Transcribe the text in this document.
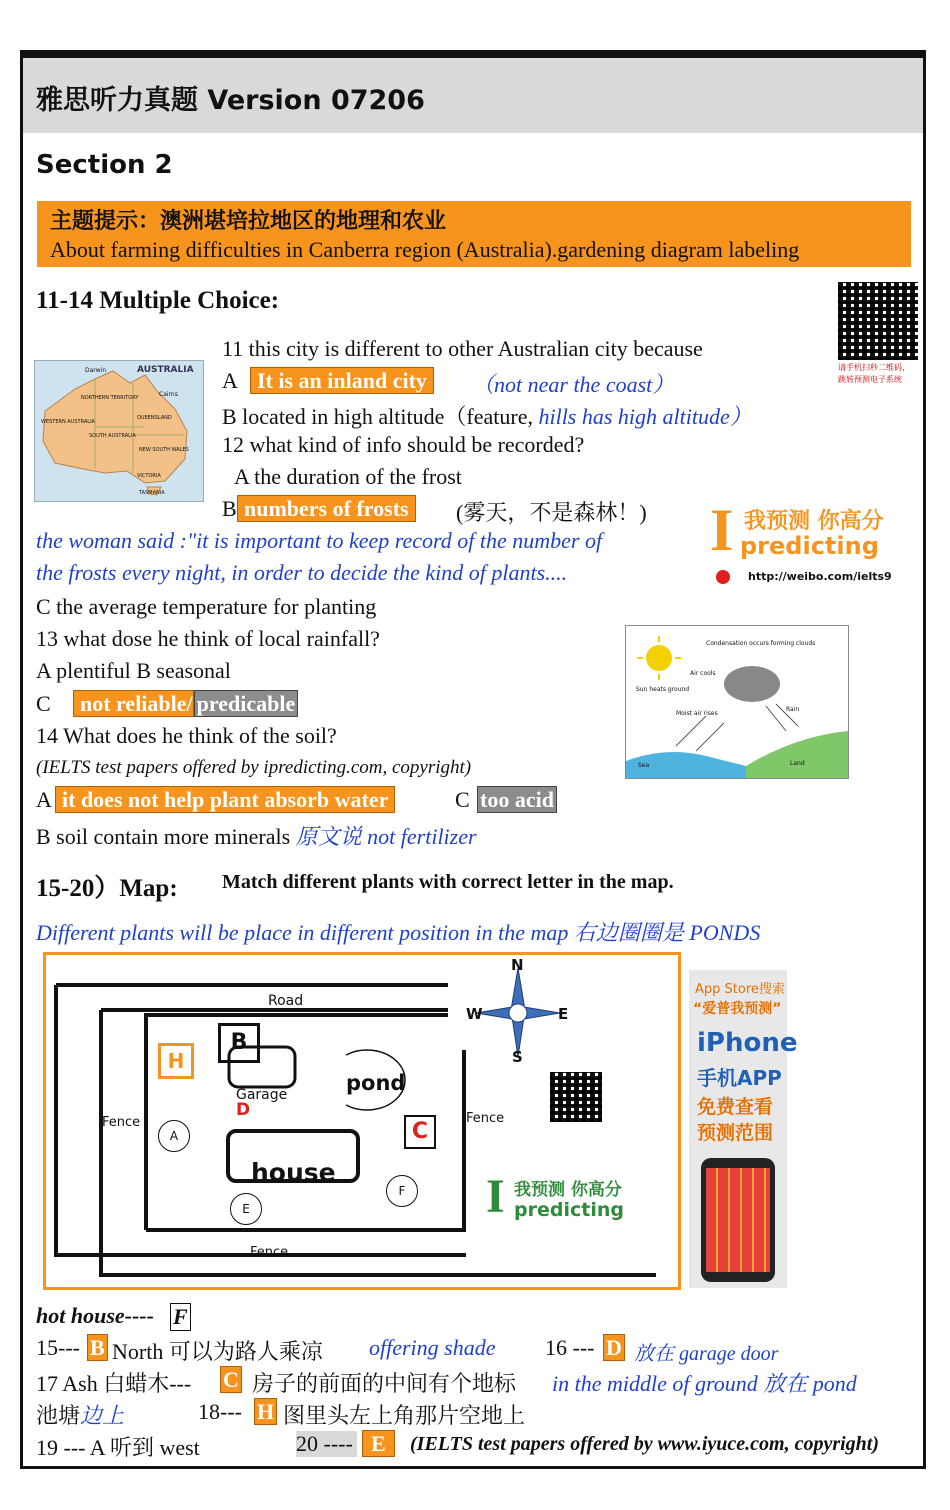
雅思听力真题 Version 07206
Section 2
主题提示：澳洲堪培拉地区的地理和农业
About farming difficulties in Canberra region (Australia).gardening diagram labeling
请手机扫秒二维码，
跳转预测电子系统
11-14 Multiple Choice:
AUSTRALIA
Darwin
Cairns
NORTHERN TERRITORY
QUEENSLAND
WESTERN AUSTRALIA
SOUTH AUSTRALIA
NEW SOUTH WALES
VICTORIA
TASMANIA
11 this city is different to other Australian city because
A It is an inland city	（not near the coast）
B located in high altitude（feature, hills has high altitude）
12 what kind of info should be recorded?
A the duration of the frost
B numbers of frosts	(雾天，不是森林！)
the woman said :"it is important to keep record of the number of
the frosts every night, in order to decide the kind of plants....
I 我预测 你高分
predicting
http://weibo.com/ielts9
C the average temperature for planting
13 what dose he think of local rainfall?
A plentiful B seasonal
C	not reliable/ predicable
14 What does he think of the soil?
(IELTS test papers offered by ipredicting.com, copyright)
Condensation occurs forming clouds
Sun heats ground
Air cools
Moist air rises
Rain
Sea	Land
A it does not help plant absorb water	C too acid
B soil contain more minerals 原文说 not fertilizer
15-20）Map: Match different plants with correct letter in the map.
Different plants will be place in different position in the map 右边圈圈是 PONDS
Road
Fence	Fence
Fence
Garage
D
pond
house
B
H
C
A
E
F
N
S
W	E
I 我预测 你高分
predicting
App Store搜索
“爱普我预测”
iPhone
手机APP
免费查看
预测范围
hot house---- F
15--- B North 可以为路人乘凉 offering shade 16 --- D 放在 garage door
17 Ash 白蜡木--- C 房子的前面的中间有个地标 in the middle of ground 放在 pond
池塘边上	18--- H 图里头左上角那片空地上
19 --- A 听到 west	20 ---- E	(IELTS test papers offered by www.iyuce.com, copyright)
